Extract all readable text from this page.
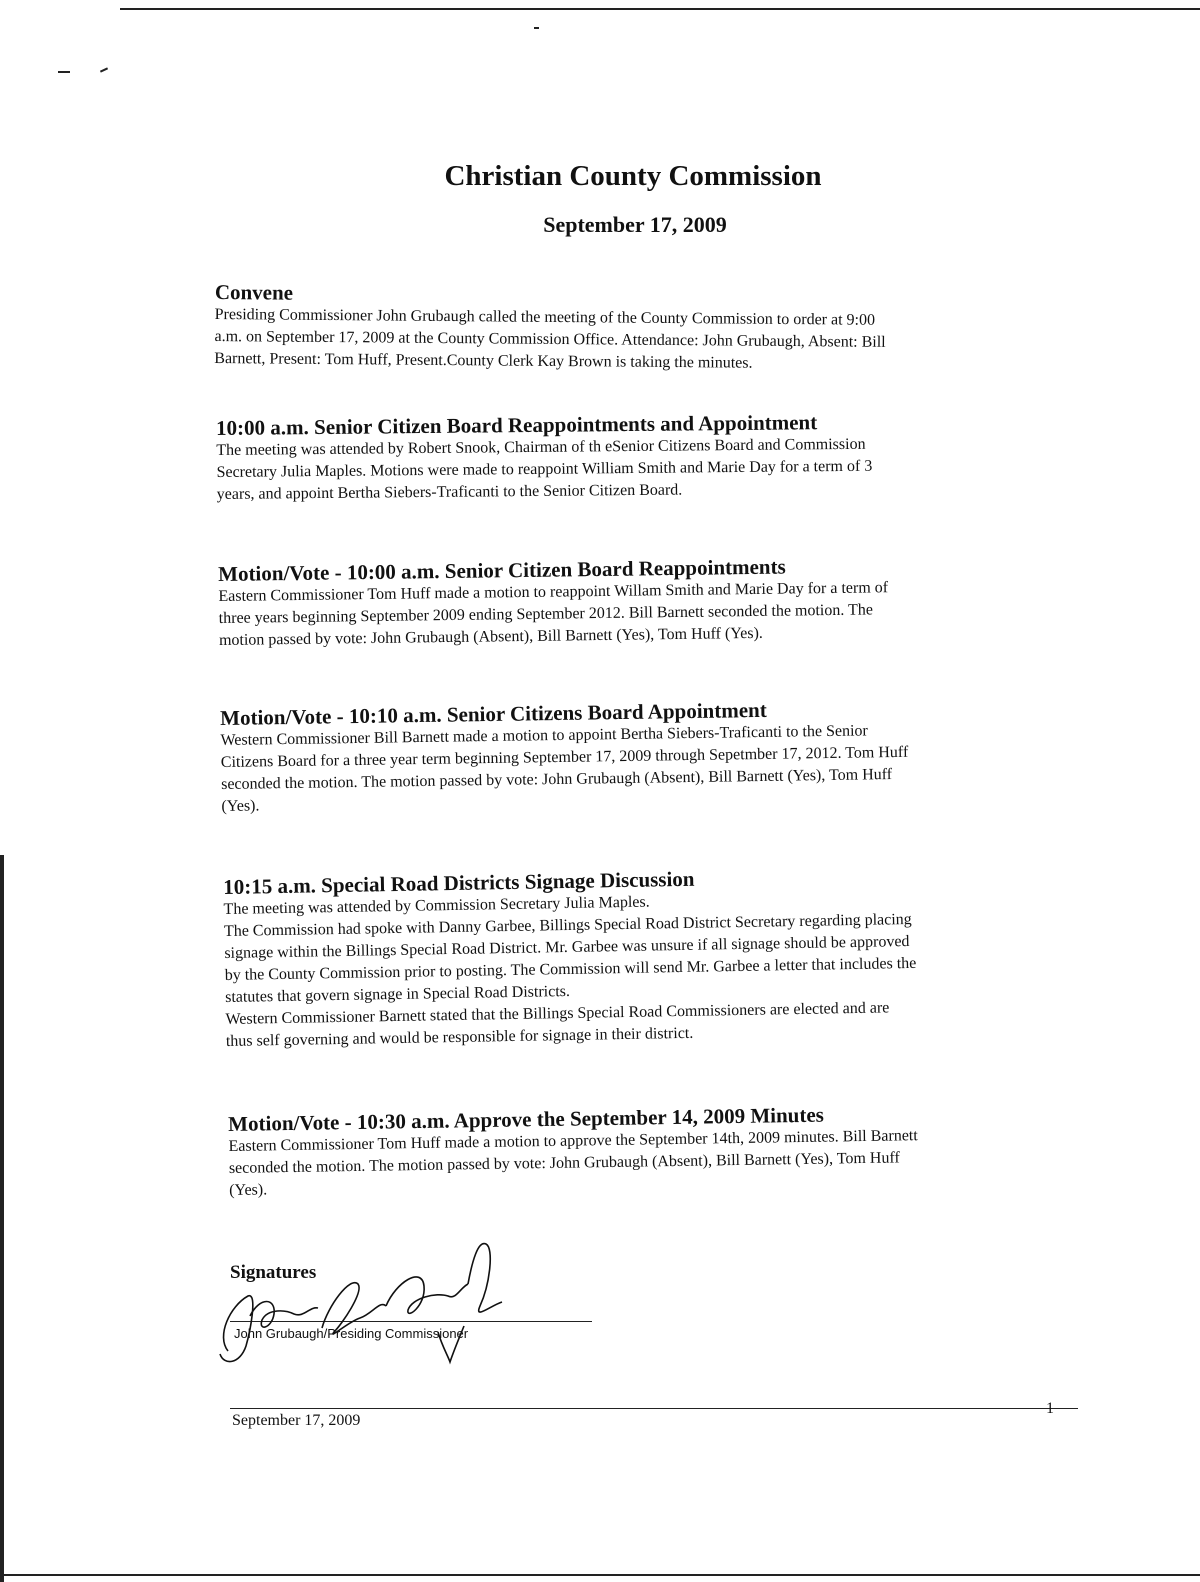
Christian County Commission
September 17, 2009
Convene

Presiding Commissioner John Grubaugh called the meeting of the County Commission to order at 9:00
a.m. on September 17, 2009 at the County Commission Office. Attendance: John Grubaugh, Absent: Bill
Barnett, Present: Tom Huff, Present.County Clerk Kay Brown is taking the minutes.

10:00 a.m. Senior Citizen Board Reappointments and Appointment

The meeting was attended by Robert Snook, Chairman of th eSenior Citizens Board and Commission
Secretary Julia Maples. Motions were made to reappoint William Smith and Marie Day for a term of 3
years, and appoint Bertha Siebers-Traficanti to the Senior Citizen Board.

Motion/Vote - 10:00 a.m. Senior Citizen Board Reappointments

Eastern Commissioner Tom Huff made a motion to reappoint Willam Smith and Marie Day for a term of
three years beginning September 2009 ending September 2012. Bill Barnett seconded the motion. The
motion passed by vote: John Grubaugh (Absent), Bill Barnett (Yes), Tom Huff (Yes).

Motion/Vote - 10:10 a.m. Senior Citizens Board Appointment

Western Commissioner Bill Barnett made a motion to appoint Bertha Siebers-Traficanti to the Senior
Citizens Board for a three year term beginning September 17, 2009 through Sepetmber 17, 2012. Tom Huff
seconded the motion. The motion passed by vote: John Grubaugh (Absent), Bill Barnett (Yes), Tom Huff
(Yes).

10:15 a.m. Special Road Districts Signage Discussion

The meeting was attended by Commission Secretary Julia Maples.
The Commission had spoke with Danny Garbee, Billings Special Road District Secretary regarding placing
signage within the Billings Special Road District. Mr. Garbee was unsure if all signage should be approved
by the County Commission prior to posting. The Commission will send Mr. Garbee a letter that includes the
statutes that govern signage in Special Road Districts.
Western Commissioner Barnett stated that the Billings Special Road Commissioners are elected and are
thus self governing and would be responsible for signage in their district.

Motion/Vote - 10:30 a.m. Approve the September 14, 2009 Minutes

Eastern Commissioner Tom Huff made a motion to approve the September 14th, 2009 minutes. Bill Barnett
seconded the motion. The motion passed by vote: John Grubaugh (Absent), Bill Barnett (Yes), Tom Huff
(Yes).

Signatures
John Grubaugh/Presiding Commissioner
September 17, 2009
1
